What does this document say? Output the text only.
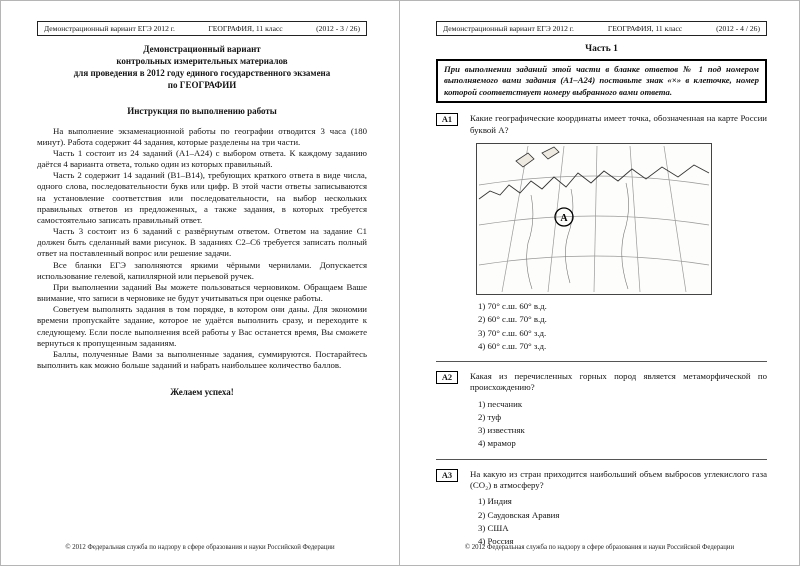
Демонстрационный вариант ЕГЭ 2012 г.	ГЕОГРАФИЯ, 11 класс	(2012 - 3 / 26)
Демонстрационный вариант
контрольных измерительных материалов
для проведения в 2012 году единого государственного экзамена
по ГЕОГРАФИИ
Инструкция по выполнению работы

На выполнение экзаменационной работы по географии отводится 3 часа (180 минут). Работа содержит 44 задания, которые разделены на три части.

Часть 1 состоит из 24 заданий (А1–А24) с выбором ответа. К каждому заданию даётся 4 варианта ответа, только один из которых правильный.

Часть 2 содержит 14 заданий (В1–В14), требующих краткого ответа в виде числа, одного слова, последовательности букв или цифр. В этой части ответы записываются на установление соответствия или последовательности, на выбор нескольких правильных ответов из предложенных, а также задания, в которых требуется самостоятельно записать правильный ответ.

Часть 3 состоит из 6 заданий с развёрнутым ответом. Ответом на задание С1 должен быть сделанный вами рисунок. В заданиях С2–С6 требуется записать полный ответ на поставленный вопрос или решение задачи.

Все бланки ЕГЭ заполняются яркими чёрными чернилами. Допускается использование гелевой, капиллярной или перьевой ручек.

При выполнении заданий Вы можете пользоваться черновиком. Обращаем Ваше внимание, что записи в черновике не будут учитываться при оценке работы.

Советуем выполнять задания в том порядке, в котором они даны. Для экономии времени пропускайте задание, которое не удаётся выполнить сразу, и переходите к следующему. Если после выполнения всей работы у Вас останется время, Вы сможете вернуться к пропущенным заданиям.

Баллы, полученные Вами за выполненные задания, суммируются. Постарайтесь выполнить как можно больше заданий и набрать наибольшее количество баллов.

Желаем успеха!
© 2012 Федеральная служба по надзору в сфере образования и науки Российской Федерации
Демонстрационный вариант ЕГЭ 2012 г.	ГЕОГРАФИЯ, 11 класс	(2012 - 4 / 26)
Часть 1
При выполнении заданий этой части в бланке ответов № 1 под номером выполняемого вами задания (А1–А24) поставьте знак «×» в клеточке, номер которой соответствует номеру выбранного вами ответа.
А1	Какие географические координаты имеет точка, обозначенная на карте России буквой А?
А
1) 70° с.ш. 60° в.д.
2) 60° с.ш. 70° в.д.
3) 70° с.ш. 60° з.д.
4) 60° с.ш. 70° з.д.
А2	Какая из перечисленных горных пород является метаморфической по происхождению?
1) песчаник
2) туф
3) известняк
4) мрамор
А3	На какую из стран приходится наибольший объем выбросов углекислого газа (СО₂) в атмосферу?
1) Индия
2) Саудовская Аравия
3) США
4) Россия
© 2012 Федеральная служба по надзору в сфере образования и науки Российской Федерации
